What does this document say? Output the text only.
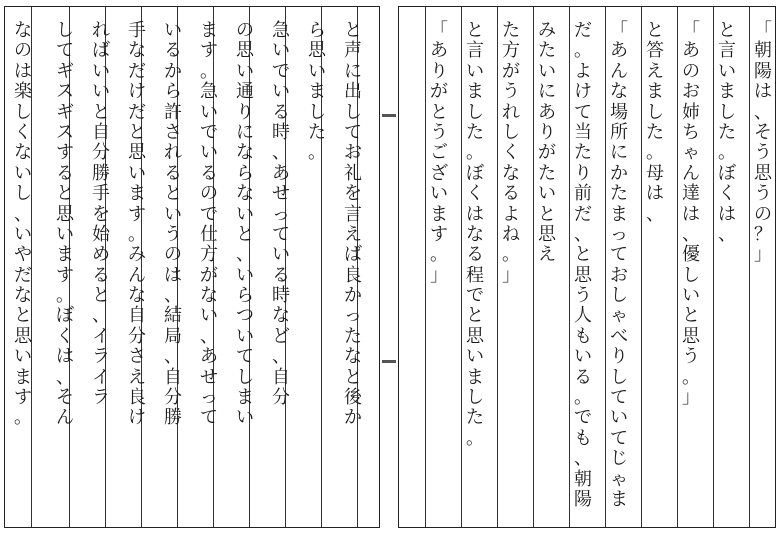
と
声
に
出
し
て
お
礼
を
言
え
ば
良
か
っ
た
な
と
後
か
ら
思
い
ま
し
た
。
急
い
で
い
る
時
、
あ
せ
っ
て
い
る
時
な
ど
、
自
分
の
思
い
通
り
に
な
ら
な
い
と
、
い
ら
つ
い
て
し
ま
い
ま
す
。
急
い
で
い
る
の
で
仕
方
が
な
い
、
あ
せ
っ
て
い
る
か
ら
許
さ
れ
る
と
い
う
の
は
、
結
局
、
自
分
勝
手
な
だ
け
だ
と
思
い
ま
す
。
み
ん
な
自
分
さ
え
良
け
れ
ば
い
い
と
自
分
勝
手
を
始
め
る
と
、
イ
ラ
イ
ラ
し
て
ギ
ス
ギ
ス
す
る
と
思
い
ま
す
。
ぼ
く
は
、
そ
ん
な
の
は
楽
し
く
な
い
し
、
い
や
だ
な
と
思
い
ま
す
。
「
朝
陽
は
、
そ
う
思
う
の
？
」
と
言
い
ま
し
た
。
ぼ
く
は
、
「
あ
の
お
姉
ち
ゃ
ん
達
は
、
優
し
い
と
思
う
。
」
と
答
え
ま
し
た
。
母
は
、
「
あ
ん
な
場
所
に
か
た
ま
っ
て
お
し
ゃ
べ
り
し
て
い
て
じ
ゃ
ま
だ
。
よ
け
て
当
た
り
前
だ
、
と
思
う
人
も
い
る
。
で
も
、
朝
陽
み
た
い
に
あ
り
が
た
い
と
思
え
た
方
が
う
れ
し
く
な
る
よ
ね
。
」
と
言
い
ま
し
た
。
ぼ
く
は
な
る
程
で
と
思
い
ま
し
た
。
「
あ
り
が
と
う
ご
ざ
い
ま
す
。
」
